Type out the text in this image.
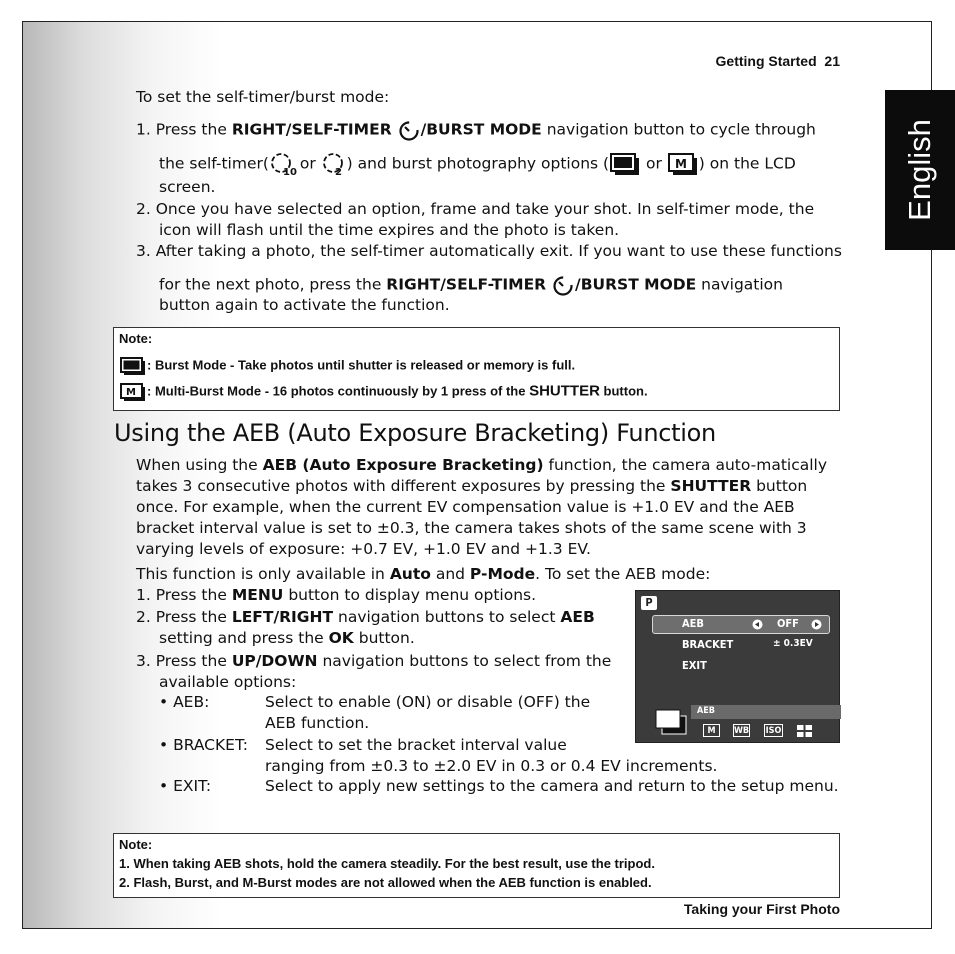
Getting Started 21
English
To set the self-timer/burst mode:
1. Press the RIGHT/SELF-TIMER /BURST MODE navigation button to cycle through
the self-timer( 10
or 2 ) and burst photography options ( or M ) on the LCD
screen.
2. Once you have selected an option, frame and take your shot. In self-timer mode, the
icon will flash until the time expires and the photo is taken.
3. After taking a photo, the self-timer automatically exit. If you want to use these functions
for the next photo, press the RIGHT/SELF-TIMER /BURST MODE navigation
button again to activate the function.
Note:
: Burst Mode - Take photos until shutter is released or memory is full.
M : Multi-Burst Mode - 16 photos continuously by 1 press of the SHUTTER button.
Using the AEB (Auto Exposure Bracketing) Function
When using the AEB (Auto Exposure Bracketing) function, the camera auto-matically
takes 3 consecutive photos with different exposures by pressing the SHUTTER button
once. For example, when the current EV compensation value is +1.0 EV and the AEB
bracket interval value is set to ±0.3, the camera takes shots of the same scene with 3
varying levels of exposure: +0.7 EV, +1.0 EV and +1.3 EV.
This function is only available in Auto and P-Mode. To set the AEB mode:
1. Press the MENU button to display menu options.
2. Press the LEFT/RIGHT navigation buttons to select AEB
setting and press the OK button.
3. Press the UP/DOWN navigation buttons to select from the
available options:
• AEB:	Select to enable (ON) or disable (OFF) the
AEB function.
• BRACKET: Select to set the bracket interval value
ranging from ±0.3 to ±2.0 EV in 0.3 or 0.4 EV increments.
• EXIT:	Select to apply new settings to the camera and return to the setup menu.
P
AEB	OFF
BRACKET	± 0.3EV
EXIT
AEB
M	WB ISO
Note:
1. When taking AEB shots, hold the camera steadily. For the best result, use the tripod.
2. Flash, Burst, and M-Burst modes are not allowed when the AEB function is enabled.
Taking your First Photo
